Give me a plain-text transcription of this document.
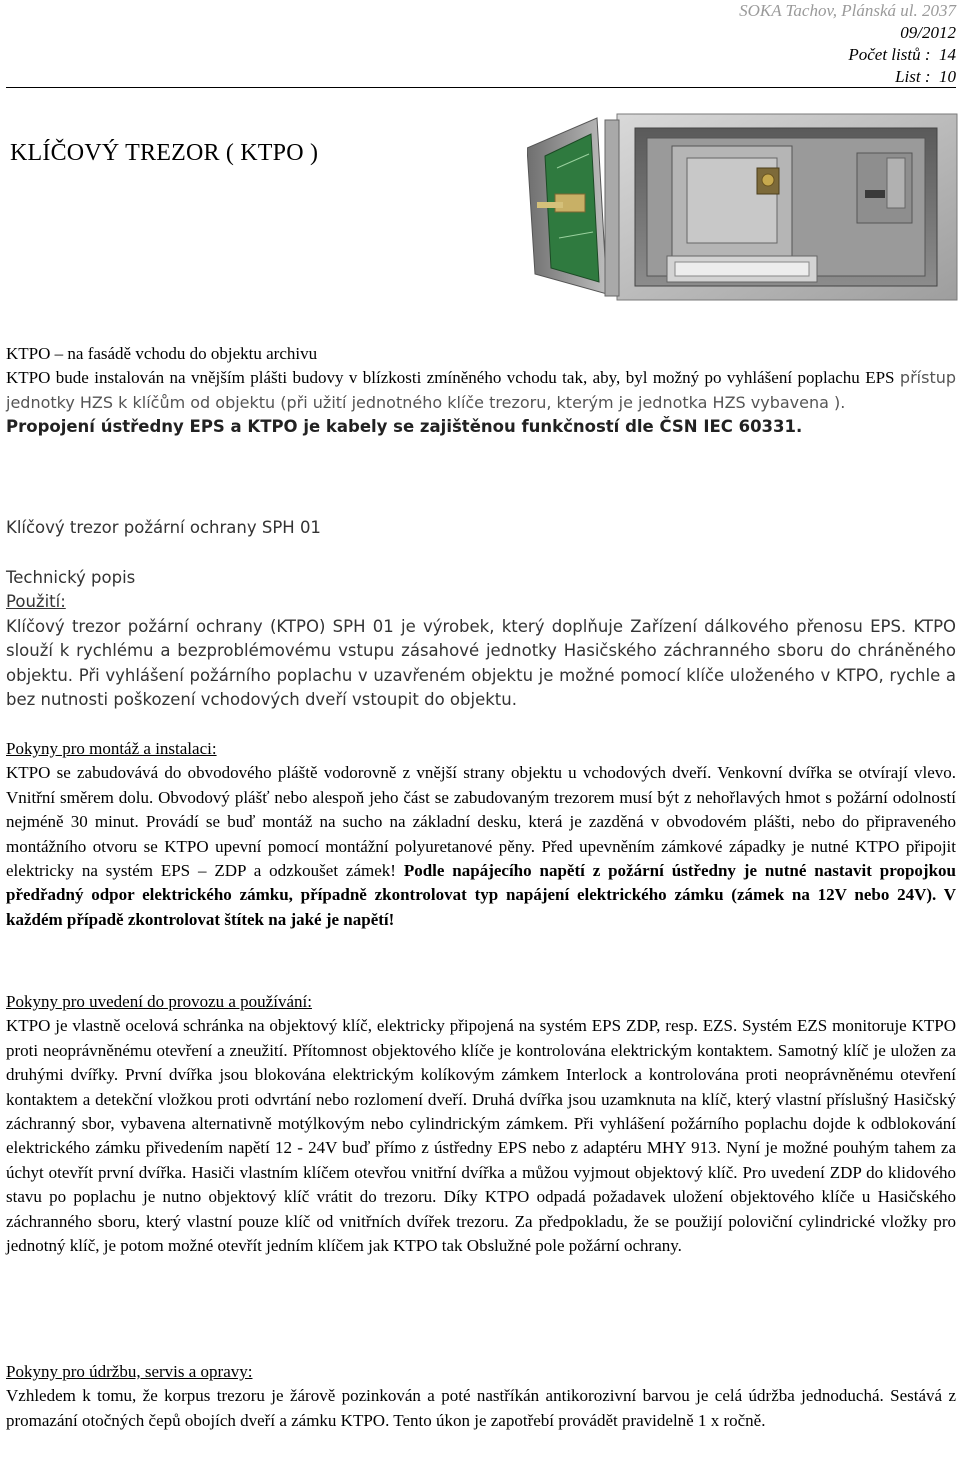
SOKA Tachov, Plánská ul. 2037
09/2012
Počet listů : 14
List : 10
KLÍČOVÝ TREZOR ( KTPO )
KTPO – na fasádě vchodu do objektu archivu
KTPO bude instalován na vnějším plášti budovy v blízkosti zmíněného vchodu tak, aby, byl možný po vyhlášení poplachu EPS přístup jednotky HZS k klíčům od objektu (při užití jednotného klíče trezoru, kterým je jednotka HZS vybavena ).
Propojení ústředny EPS a KTPO je kabely se zajištěnou funkčností dle ČSN IEC 60331.
Klíčový trezor požární ochrany SPH 01
Technický popis
Použití:
Klíčový trezor požární ochrany (KTPO) SPH 01 je výrobek, který doplňuje Zařízení dálkového přenosu EPS. KTPO slouží k rychlému a bezproblémovému vstupu zásahové jednotky Hasičského záchranného sboru do chráněného objektu. Při vyhlášení požárního poplachu v uzavřeném objektu je možné pomocí klíče uloženého v KTPO, rychle a bez nutnosti poškození vchodových dveří vstoupit do objektu.
Pokyny pro montáž a instalaci:
KTPO se zabudovává do obvodového pláště vodorovně z vnější strany objektu u vchodových dveří. Venkovní dvířka se otvírají vlevo. Vnitřní směrem dolu. Obvodový plášť nebo alespoň jeho část se zabudovaným trezorem musí být z nehořlavých hmot s požární odolností nejméně 30 minut. Provádí se buď montáž na sucho na základní desku, která je zazděná v obvodovém plášti, nebo do připraveného montážního otvoru se KTPO upevní pomocí montážní polyuretanové pěny. Před upevněním zámkové západky je nutné KTPO připojit elektricky na systém EPS – ZDP a odzkoušet zámek! Podle napájecího napětí z požární ústředny je nutné nastavit propojkou předřadný odpor elektrického zámku, případně zkontrolovat typ napájení elektrického zámku (zámek na 12V nebo 24V). V každém případě zkontrolovat štítek na jaké je napětí!
Pokyny pro uvedení do provozu a používání:
KTPO je vlastně ocelová schránka na objektový klíč, elektricky připojená na systém EPS ZDP, resp. EZS. Systém EZS monitoruje KTPO proti neoprávněnému otevření a zneužití. Přítomnost objektového klíče je kontrolována elektrickým kontaktem. Samotný klíč je uložen za druhými dvířky. První dvířka jsou blokována elektrickým kolíkovým zámkem Interlock a kontrolována proti neoprávněnému otevření kontaktem a detekční vložkou proti odvrtání nebo rozlomení dveří. Druhá dvířka jsou uzamknuta na klíč, který vlastní příslušný Hasičský záchranný sbor, vybavena alternativně motýlkovým nebo cylindrickým zámkem. Při vyhlášení požárního poplachu dojde k odblokování elektrického zámku přivedením napětí 12 - 24V buď přímo z ústředny EPS nebo z adaptéru MHY 913. Nyní je možné pouhým tahem za úchyt otevřít první dvířka. Hasiči vlastním klíčem otevřou vnitřní dvířka a můžou vyjmout objektový klíč. Pro uvedení ZDP do klidového stavu po poplachu je nutno objektový klíč vrátit do trezoru. Díky KTPO odpadá požadavek uložení objektového klíče u Hasičského záchranného sboru, který vlastní pouze klíč od vnitřních dvířek trezoru. Za předpokladu, že se použijí poloviční cylindrické vložky pro jednotný klíč, je potom možné otevřít jedním klíčem jak KTPO tak Obslužné pole požární ochrany.
Pokyny pro údržbu, servis a opravy:
Vzhledem k tomu, že korpus trezoru je žárově pozinkován a poté nastříkán antikorozivní barvou je celá údržba jednoduchá. Sestává z promazání otočných čepů obojích dveří a zámku KTPO. Tento úkon je zapotřebí provádět pravidelně 1 x ročně.
